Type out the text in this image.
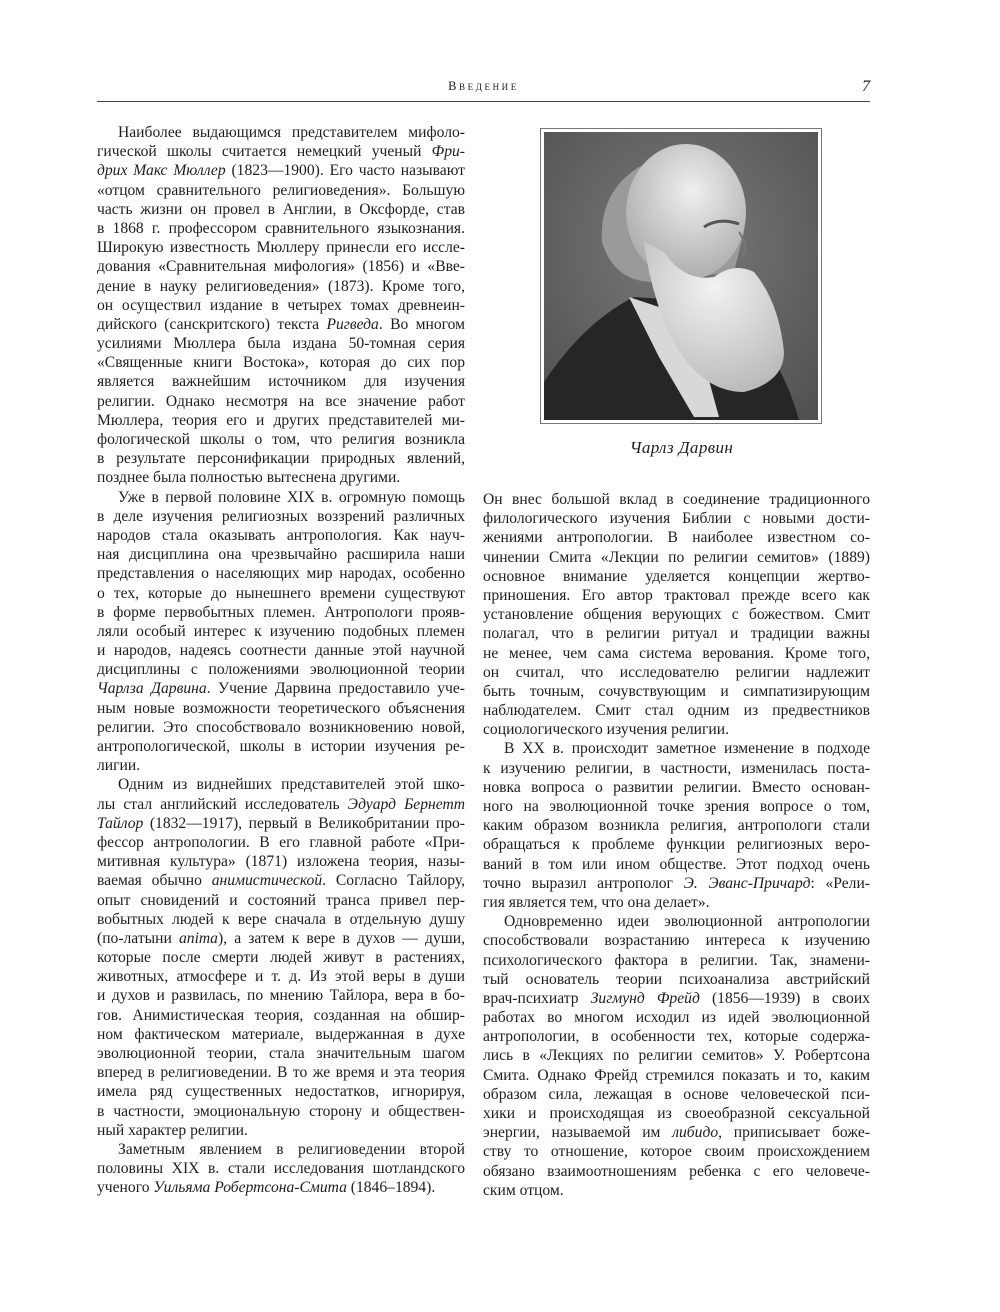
Введение	7
Наиболее выдающимся представителем мифоло-
гической школы считается немецкий ученый Фри-
дрих Макс Мюллер (1823—1900). Его часто называют
«отцом сравнительного религиоведения». Большую
часть жизни он провел в Англии, в Оксфорде, став
в 1868 г. профессором сравнительного языкознания.
Широкую известность Мюллеру принесли его иссле-
дования «Сравнительная мифология» (1856) и «Вве-
дение в науку религиоведения» (1873). Кроме того,
он осуществил издание в четырех томах древнеин-
дийского (санскритского) текста Ригведа. Во многом
усилиями Мюллера была издана 50-томная серия
«Священные книги Востока», которая до сих пор
является важнейшим источником для изучения
религии. Однако несмотря на все значение работ
Мюллера, теория его и других представителей ми-
фологической школы о том, что религия возникла
в результате персонификации природных явлений,
позднее была полностью вытеснена другими.
Уже в первой половине XIX в. огромную помощь
в деле изучения религиозных воззрений различных
народов стала оказывать антропология. Как науч-
ная дисциплина она чрезвычайно расширила наши
представления о населяющих мир народах, особенно
о тех, которые до нынешнего времени существуют
в форме первобытных племен. Антропологи прояв-
ляли особый интерес к изучению подобных племен
и народов, надеясь соотнести данные этой научной
дисциплины с положениями эволюционной теории
Чарлза Дарвина. Учение Дарвина предоставило уче-
ным новые возможности теоретического объяснения
религии. Это способствовало возникновению новой,
антропологической, школы в истории изучения ре-
лигии.
Одним из виднейших представителей этой шко-
лы стал английский исследователь Эдуард Бернетт
Тайлор (1832—1917), первый в Великобритании про-
фессор антропологии. В его главной работе «При-
митивная культура» (1871) изложена теория, назы-
ваемая обычно анимистической. Согласно Тайлору,
опыт сновидений и состояний транса привел пер-
вобытных людей к вере сначала в отдельную душу
(по-латыни anima), а затем к вере в духов — души,
которые после смерти людей живут в растениях,
животных, атмосфере и т. д. Из этой веры в души
и духов и развилась, по мнению Тайлора, вера в бо-
гов. Анимистическая теория, созданная на обшир-
ном фактическом материале, выдержанная в духе
эволюционной теории, стала значительным шагом
вперед в религиоведении. В то же время и эта теория
имела ряд существенных недостатков, игнорируя,
в частности, эмоциональную сторону и обществен-
ный характер религии.
Заметным явлением в религиоведении второй
половины XIX в. стали исследования шотландского
ученого Уильяма Робертсона-Смита (1846–1894).
Он внес большой вклад в соединение традиционного
филологического изучения Библии с новыми дости-
жениями антропологии. В наиболее известном со-
чинении Смита «Лекции по религии семитов» (1889)
основное внимание уделяется концепции жертво-
приношения. Его автор трактовал прежде всего как
установление общения верующих с божеством. Смит
полагал, что в религии ритуал и традиции важны
не менее, чем сама система верования. Кроме того,
он считал, что исследователю религии надлежит
быть точным, сочувствующим и симпатизирующим
наблюдателем. Смит стал одним из предвестников
социологического изучения религии.
В XX в. происходит заметное изменение в подходе
к изучению религии, в частности, изменилась поста-
новка вопроса о развитии религии. Вместо основан-
ного на эволюционной точке зрения вопросе о том,
каким образом возникла религия, антропологи стали
обращаться к проблеме функции религиозных веро-
ваний в том или ином обществе. Этот подход очень
точно выразил антрополог Э. Эванс-Причард: «Рели-
гия является тем, что она делает».
Одновременно идеи эволюционной антропологии
способствовали возрастанию интереса к изучению
психологического фактора в религии. Так, знамени-
тый основатель теории психоанализа австрийский
врач-психиатр Зигмунд Фрейд (1856—1939) в своих
работах во многом исходил из идей эволюционной
антропологии, в особенности тех, которые содержа-
лись в «Лекциях по религии семитов» У. Робертсона
Смита. Однако Фрейд стремился показать и то, каким
образом сила, лежащая в основе человеческой пси-
хики и происходящая из своеобразной сексуальной
энергии, называемой им либидо, приписывает боже-
ству то отношение, которое своим происхождением
обязано взаимоотношениям ребенка с его человече-
ским отцом.
Чарлз Дарвин
